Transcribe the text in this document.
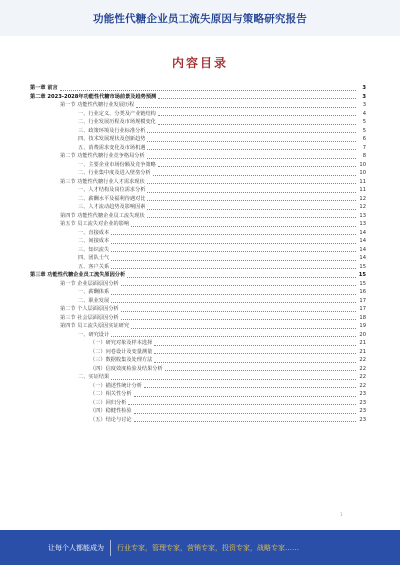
功能性代糖企业员工流失原因与策略研究报告
内容目录
第一章 前言	3
第二章 2023-2028年功能性代糖市场前景及趋势预测	3
第一节 功能性代糖行业发展历程	3
一、行业定义、分类及产业链结构	4
二、行业发展历程及市场规模变化	5
三、政策环境及行业标准分析	5
四、技术发展现状及创新趋势	6
五、消费需求变化及市场机遇	7
第二节 功能性代糖行业竞争格局分析	8
一、主要企业市场份额及竞争策略	10
二、行业集中度及进入壁垒分析	10
第三节 功能性代糖行业人才需求现状	11
一、人才结构及岗位需求分析	11
二、薪酬水平及福利待遇对比	12
三、人才流动趋势及影响因素	12
第四节 功能性代糖企业员工流失现状	13
第五节 员工流失对企业的影响	13
一、直接成本	14
二、间接成本	14
三、知识流失	14
四、团队士气	14
五、客户关系	15
第三章 功能性代糖企业员工流失原因分析	15
第一节 企业层面原因分析	15
一、薪酬体系	16
二、职业发展	17
第二节 个人层面原因分析	17
第三节 社会层面原因分析	18
第四节 员工流失原因实证研究	19
一、研究设计	20
（一）研究对象及样本选择	21
（二）问卷设计及变量测量	21
（三）数据收集及处理方法	22
（四）信度效度检验及结果分析	22
二、实证结果	22
（一）描述性统计分析	22
（二）相关性分析	23
（三）回归分析	23
（四）稳健性检验	23
（五）结论与讨论	23
1
让每个人都能成为 行业专家，管理专家，营销专家，投资专家，战略专家……
